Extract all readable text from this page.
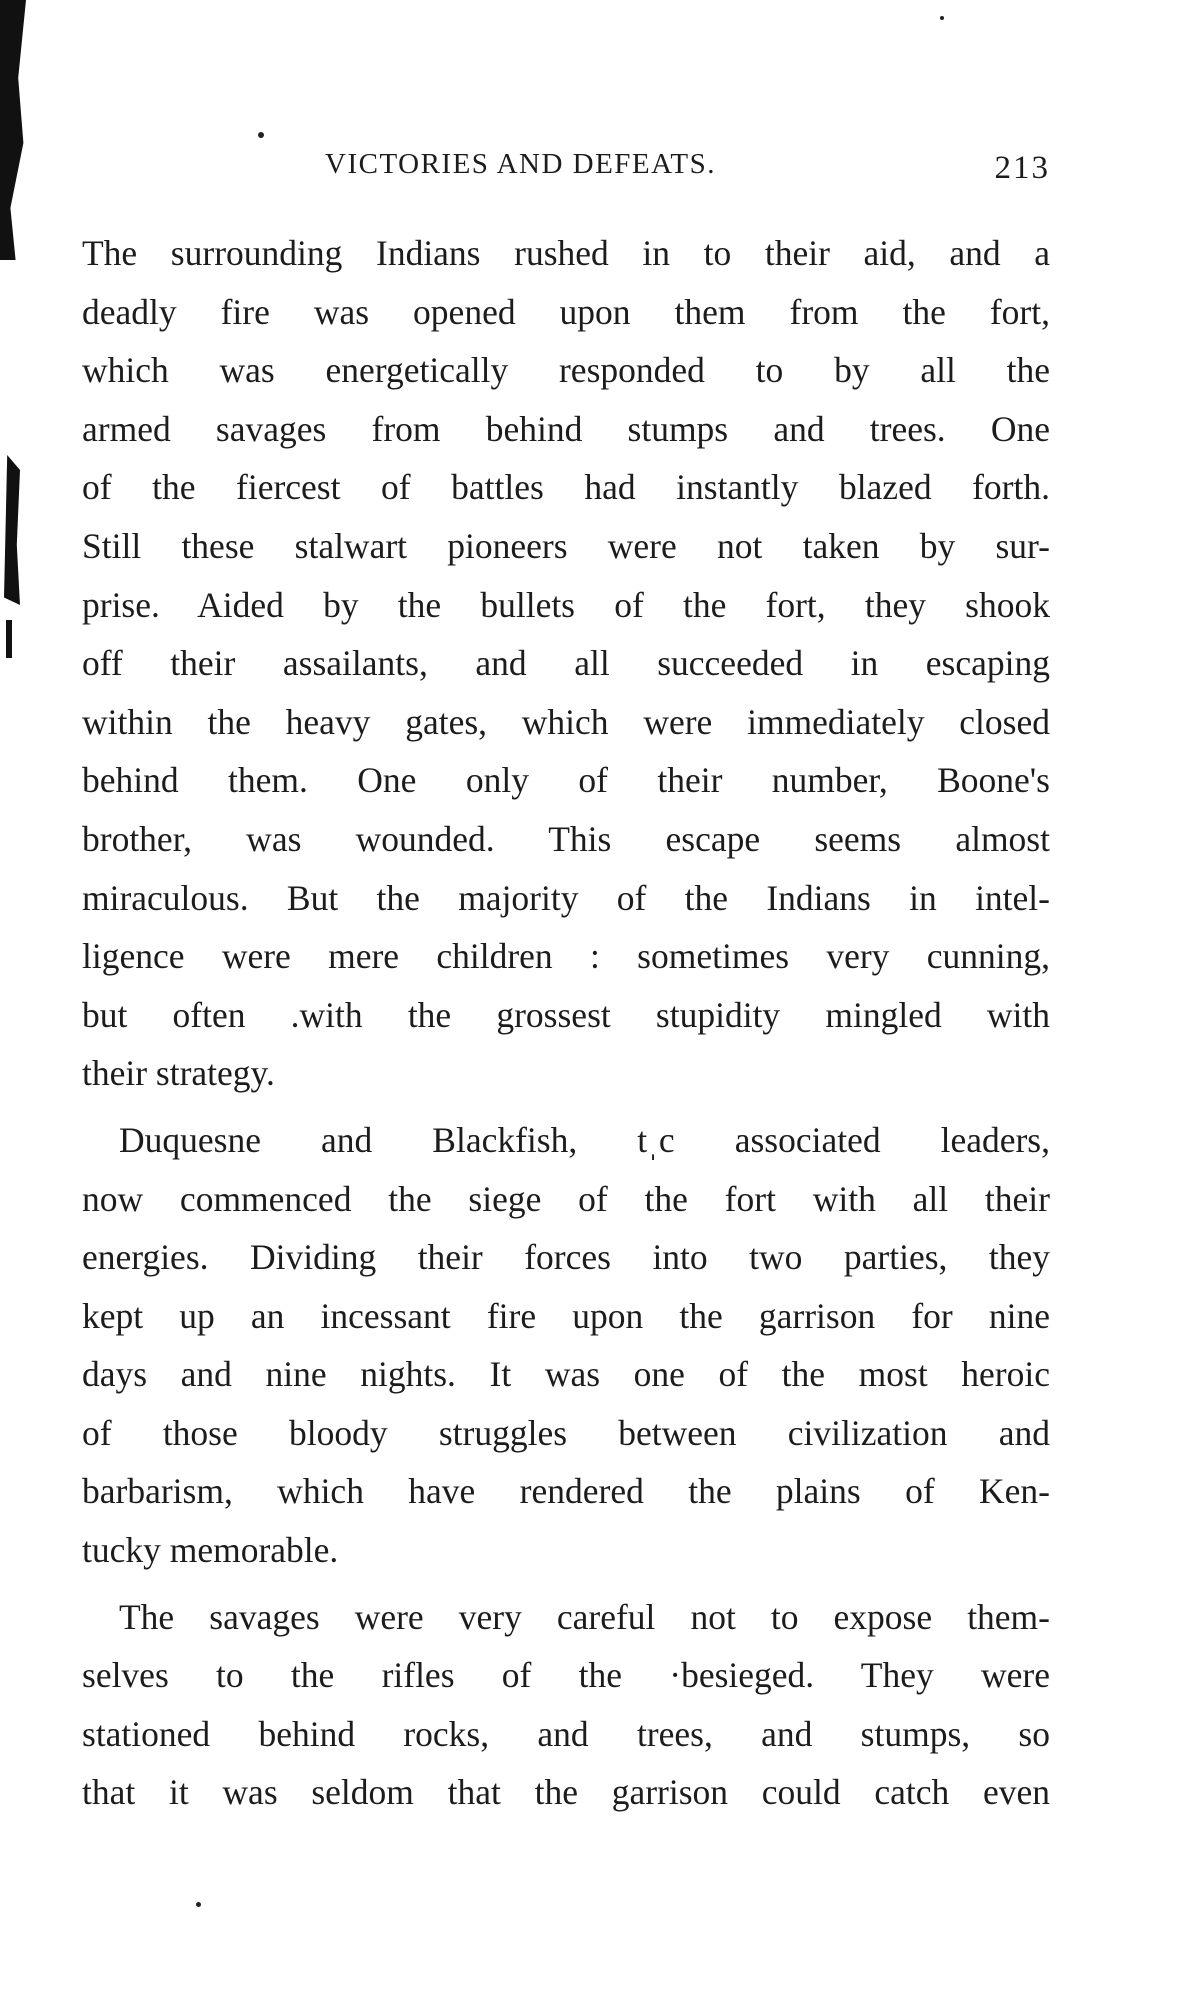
VICTORIES AND DEFEATS.	213
The surrounding Indians rushed in to their aid, and a
deadly fire was opened upon them from the fort,
which was energetically responded to by all the
armed savages from behind stumps and trees. One
of the fiercest of battles had instantly blazed forth.
Still these stalwart pioneers were not taken by sur-
prise. Aided by the bullets of the fort, they shook
off their assailants, and all succeeded in escaping
within the heavy gates, which were immediately closed
behind them. One only of their number, Boone's
brother, was wounded. This escape seems almost
miraculous. But the majority of the Indians in intel-
ligence were mere children : sometimes very cunning,
but often .with the grossest stupidity mingled with
their strategy.
Duquesne and Blackfish, tˌc associated leaders,
now commenced the siege of the fort with all their
energies. Dividing their forces into two parties, they
kept up an incessant fire upon the garrison for nine
days and nine nights. It was one of the most heroic
of those bloody struggles between civilization and
barbarism, which have rendered the plains of Ken-
tucky memorable.
The savages were very careful not to expose them-
selves to the rifles of the ·besieged. They were
stationed behind rocks, and trees, and stumps, so
that it was seldom that the garrison could catch even
